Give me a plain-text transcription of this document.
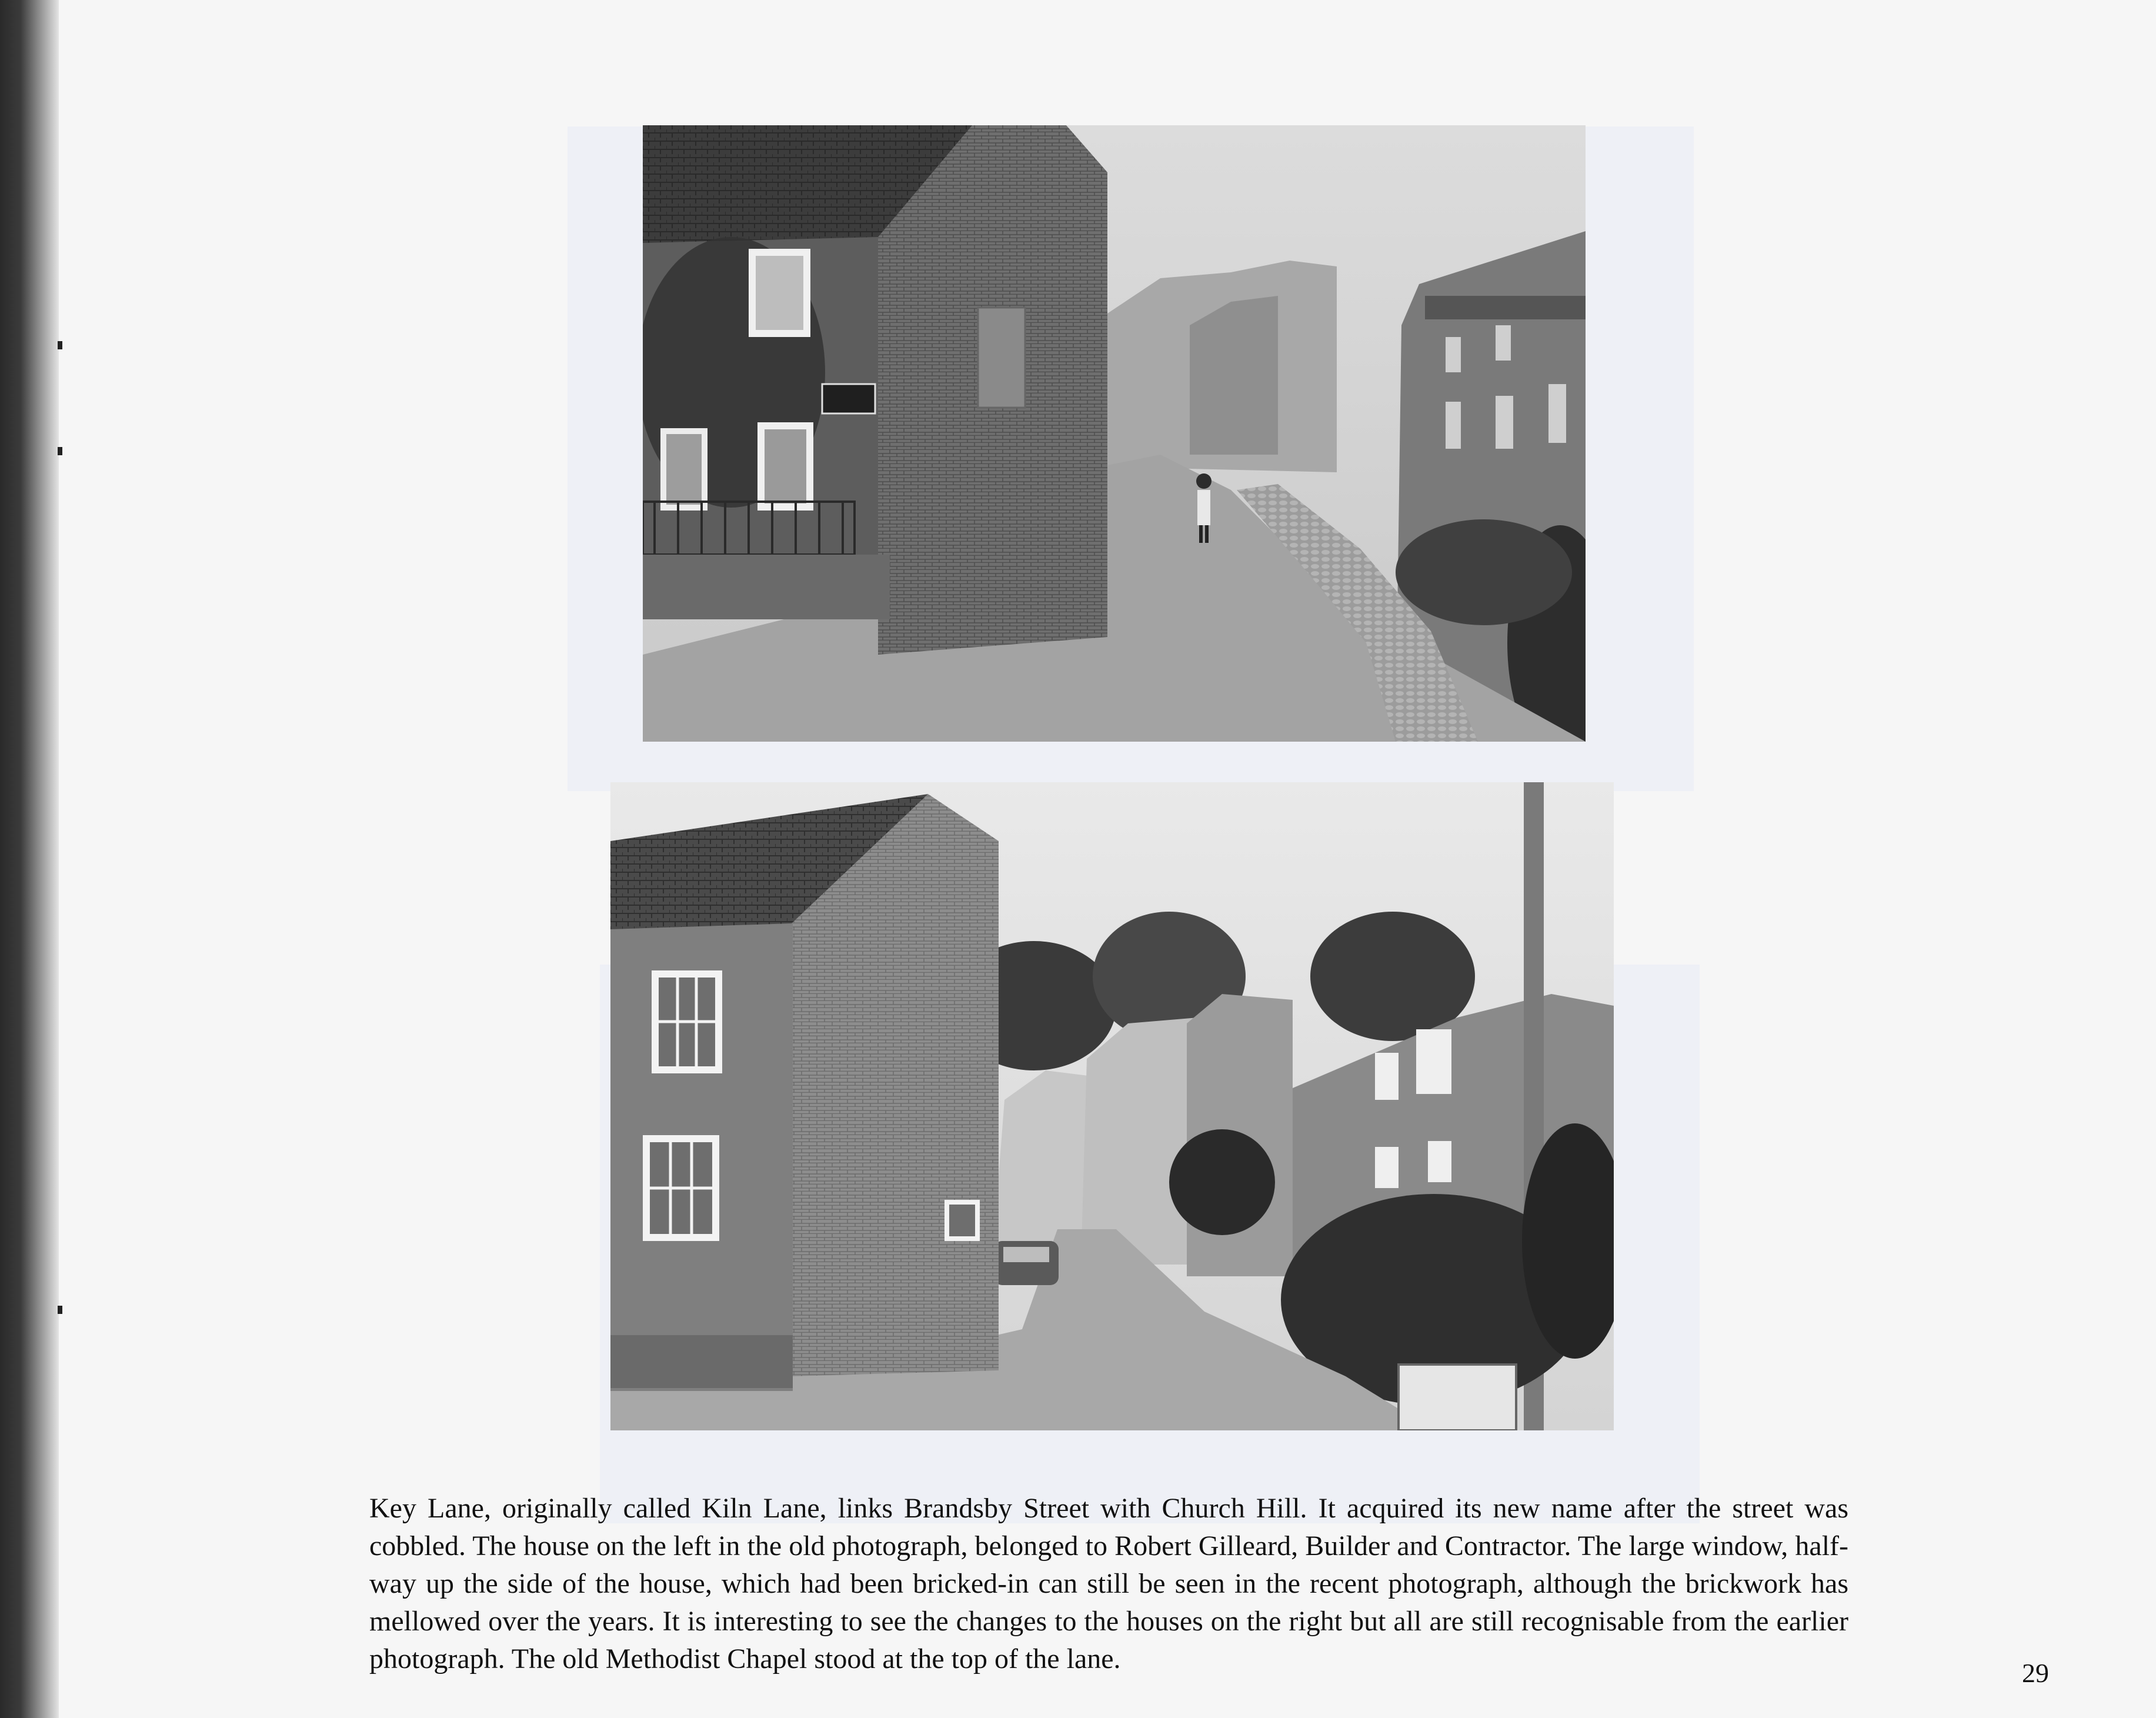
Key Lane, originally called Kiln Lane, links Brandsby Street with Church Hill. It acquired its new name after the street was cobbled. The house on the left in the old photograph, belonged to Robert Gilleard, Builder and Contractor. The large window, half-way up the side of the house, which had been bricked-in can still be seen in the recent photograph, although the brickwork has mellowed over the years. It is interesting to see the changes to the houses on the right but all are still recognisable from the earlier photograph. The old Methodist Chapel stood at the top of the lane.	29
